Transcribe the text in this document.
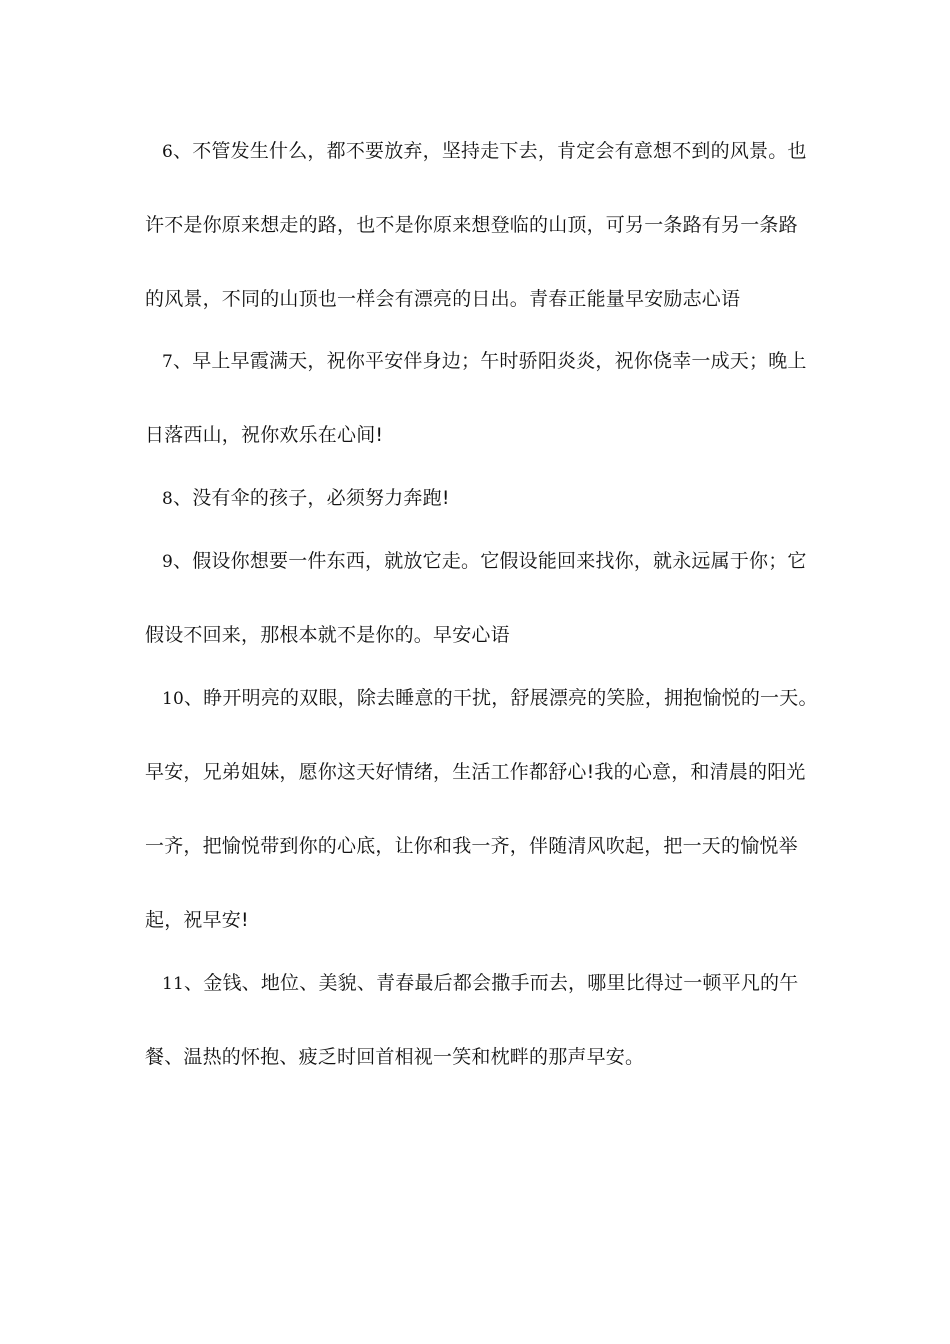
6、不管发生什么，都不要放弃，坚持走下去，肯定会有意想不到的风景。也
许不是你原来想走的路，也不是你原来想登临的山顶，可另一条路有另一条路
的风景，不同的山顶也一样会有漂亮的日出。青春正能量早安励志心语
7、早上早霞满天，祝你平安伴身边；午时骄阳炎炎，祝你侥幸一成天；晚上
日落西山，祝你欢乐在心间!
8、没有伞的孩子，必须努力奔跑!
9、假设你想要一件东西，就放它走。它假设能回来找你，就永远属于你；它
假设不回来，那根本就不是你的。早安心语
10、睁开明亮的双眼，除去睡意的干扰，舒展漂亮的笑脸，拥抱愉悦的一天。
早安，兄弟姐妹，愿你这天好情绪，生活工作都舒心!我的心意，和清晨的阳光
一齐，把愉悦带到你的心底，让你和我一齐，伴随清风吹起，把一天的愉悦举
起，祝早安!
11、金钱、地位、美貌、青春最后都会撒手而去，哪里比得过一顿平凡的午
餐、温热的怀抱、疲乏时回首相视一笑和枕畔的那声早安。
